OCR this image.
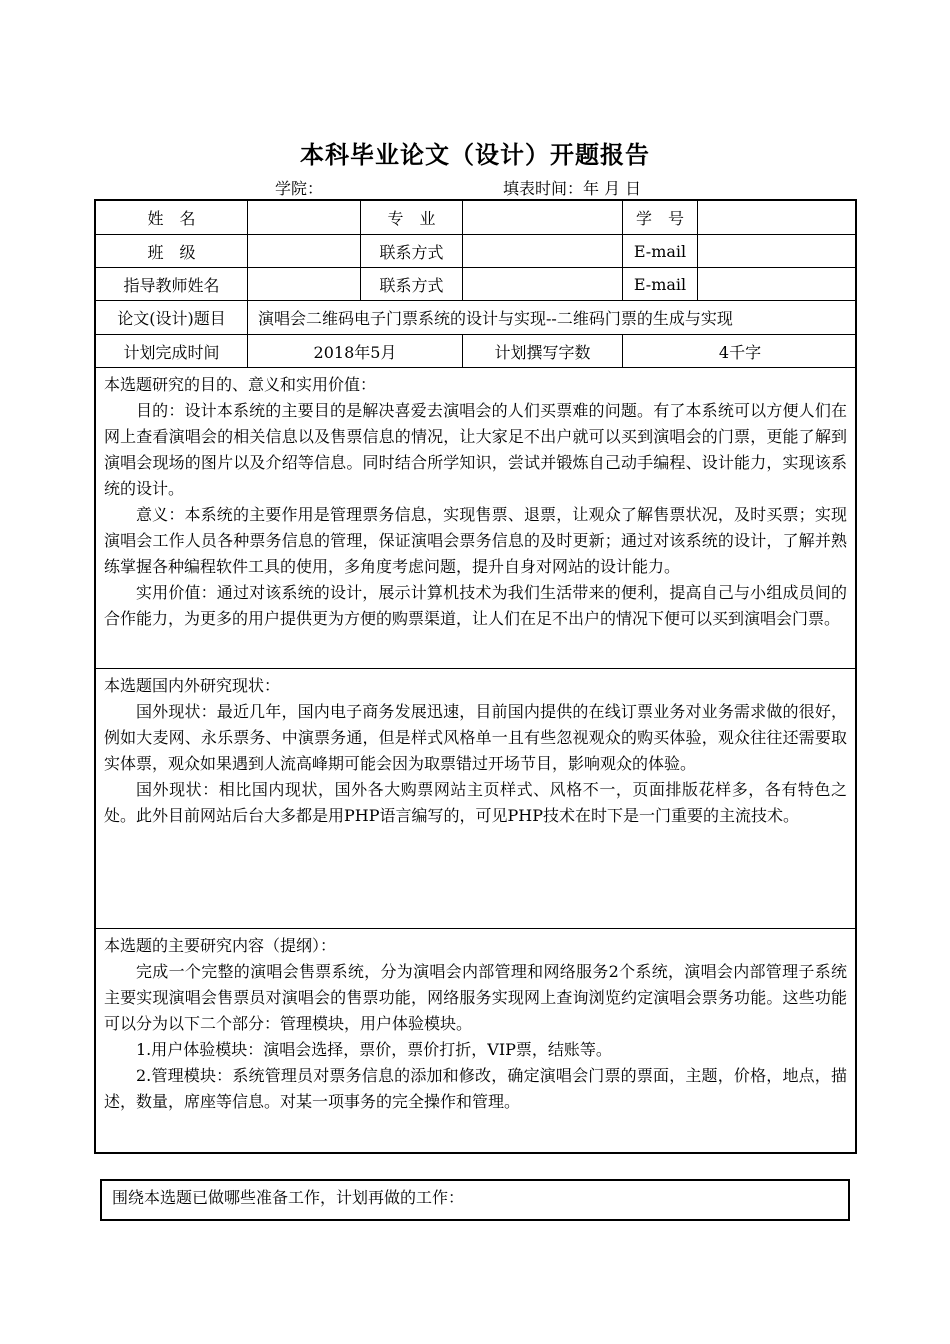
本科毕业论文（设计）开题报告
学院：	填表时间：年 月 日
姓　名	专　业	学　号
班　级	联系方式	E-mail
指导教师姓名	联系方式	E-mail
论文(设计)题目	演唱会二维码电子门票系统的设计与实现--二维码门票的生成与实现
计划完成时间	2018年5月	计划撰写字数	4千字
本选题研究的目的、意义和实用价值：

目的：设计本系统的主要目的是解决喜爱去演唱会的人们买票难的问题。有了本系统可以方便人们在网上查看演唱会的相关信息以及售票信息的情况，让大家足不出户就可以买到演唱会的门票，更能了解到演唱会现场的图片以及介绍等信息。同时结合所学知识，尝试并锻炼自己动手编程、设计能力，实现该系统的设计。

意义：本系统的主要作用是管理票务信息，实现售票、退票，让观众了解售票状况，及时买票；实现演唱会工作人员各种票务信息的管理，保证演唱会票务信息的及时更新；通过对该系统的设计，了解并熟练掌握各种编程软件工具的使用，多角度考虑问题，提升自身对网站的设计能力。

实用价值：通过对该系统的设计，展示计算机技术为我们生活带来的便利，提高自己与小组成员间的合作能力，为更多的用户提供更为方便的购票渠道，让人们在足不出户的情况下便可以买到演唱会门票。

本选题国内外研究现状：

国外现状：最近几年，国内电子商务发展迅速，目前国内提供的在线订票业务对业务需求做的很好，例如大麦网、永乐票务、中演票务通，但是样式风格单一且有些忽视观众的购买体验，观众往往还需要取实体票，观众如果遇到人流高峰期可能会因为取票错过开场节目，影响观众的体验。

国外现状：相比国内现状，国外各大购票网站主页样式、风格不一，页面排版花样多，各有特色之处。此外目前网站后台大多都是用PHP语言编写的，可见PHP技术在时下是一门重要的主流技术。

本选题的主要研究内容（提纲）：

完成一个完整的演唱会售票系统，分为演唱会内部管理和网络服务2个系统，演唱会内部管理子系统主要实现演唱会售票员对演唱会的售票功能，网络服务实现网上查询浏览约定演唱会票务功能。这些功能可以分为以下二个部分：管理模块，用户体验模块。

1.用户体验模块：演唱会选择，票价，票价打折，VIP票，结账等。

2.管理模块：系统管理员对票务信息的添加和修改，确定演唱会门票的票面，主题，价格，地点，描述，数量，席座等信息。对某一项事务的完全操作和管理。

围绕本选题已做哪些准备工作，计划再做的工作：
